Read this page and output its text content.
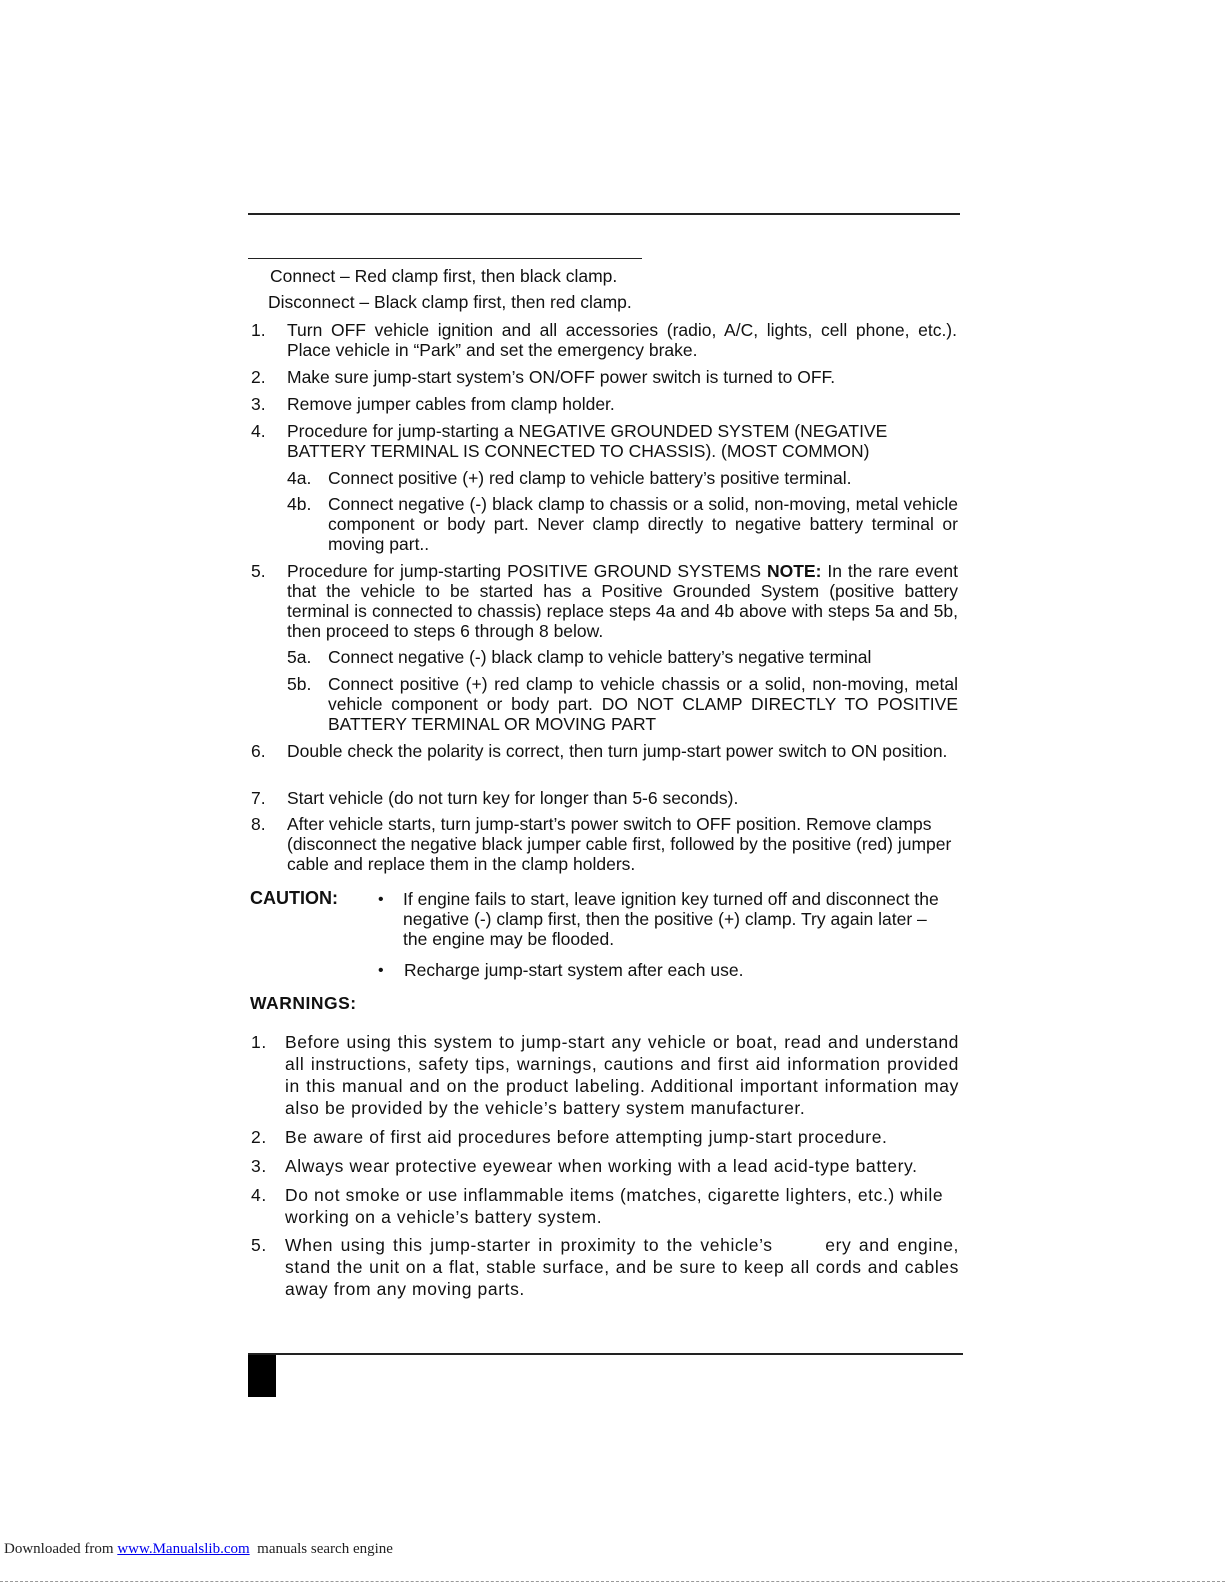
Connect – Red clamp first, then black clamp.
Disconnect – Black clamp first, then red clamp.
1. Turn OFF vehicle ignition and all accessories (radio, A/C, lights, cell phone, etc.). Place vehicle in “Park” and set the emergency brake.
2. Make sure jump-start system’s ON/OFF power switch is turned to OFF.
3. Remove jumper cables from clamp holder.
4. Procedure for jump-starting a NEGATIVE GROUNDED SYSTEM (NEGATIVE BATTERY TERMINAL IS CONNECTED TO CHASSIS). (MOST COMMON)
4a. Connect positive (+) red clamp to vehicle battery’s positive terminal.
4b. Connect negative (-) black clamp to chassis or a solid, non-moving, metal vehicle component or body part. Never clamp directly to negative battery terminal or moving part..
5. Procedure for jump-starting POSITIVE GROUND SYSTEMS NOTE: In the rare event that the vehicle to be started has a Positive Grounded System (positive battery terminal is connected to chassis) replace steps 4a and 4b above with steps 5a and 5b, then proceed to steps 6 through 8 below.
5a. Connect negative (-) black clamp to vehicle battery’s negative terminal
5b. Connect positive (+) red clamp to vehicle chassis or a solid, non-moving, metal vehicle component or body part. DO NOT CLAMP DIRECTLY TO POSITIVE BATTERY TERMINAL OR MOVING PART
6. Double check the polarity is correct, then turn jump-start power switch to ON position.
7. Start vehicle (do not turn key for longer than 5-6 seconds).
8. After vehicle starts, turn jump-start’s power switch to OFF position. Remove clamps (disconnect the negative black jumper cable first, followed by the positive (red) jumper cable and replace them in the clamp holders.
CAUTION:	• If engine fails to start, leave ignition key turned off and disconnect the negative (-) clamp first, then the positive (+) clamp. Try again later – the engine may be flooded.
• Recharge jump-start system after each use.
WARNINGS:
1. Before using this system to jump-start any vehicle or boat, read and understand all instructions, safety tips, warnings, cautions and first aid information provided in this manual and on the product labeling. Additional important information may also be provided by the vehicle’s battery system manufacturer.
2. Be aware of first aid procedures before attempting jump-start procedure.
3. Always wear protective eyewear when working with a lead acid-type battery.
4. Do not smoke or use inflammable items (matches, cigarette lighters, etc.) while working on a vehicle’s battery system.
5. When using this jump-starter in proximity to the vehicle’s       ery and engine, stand the unit on a flat, stable surface, and be sure to keep all cords and cables away from any moving parts.
Downloaded from www.Manualslib.com  manuals search engine
